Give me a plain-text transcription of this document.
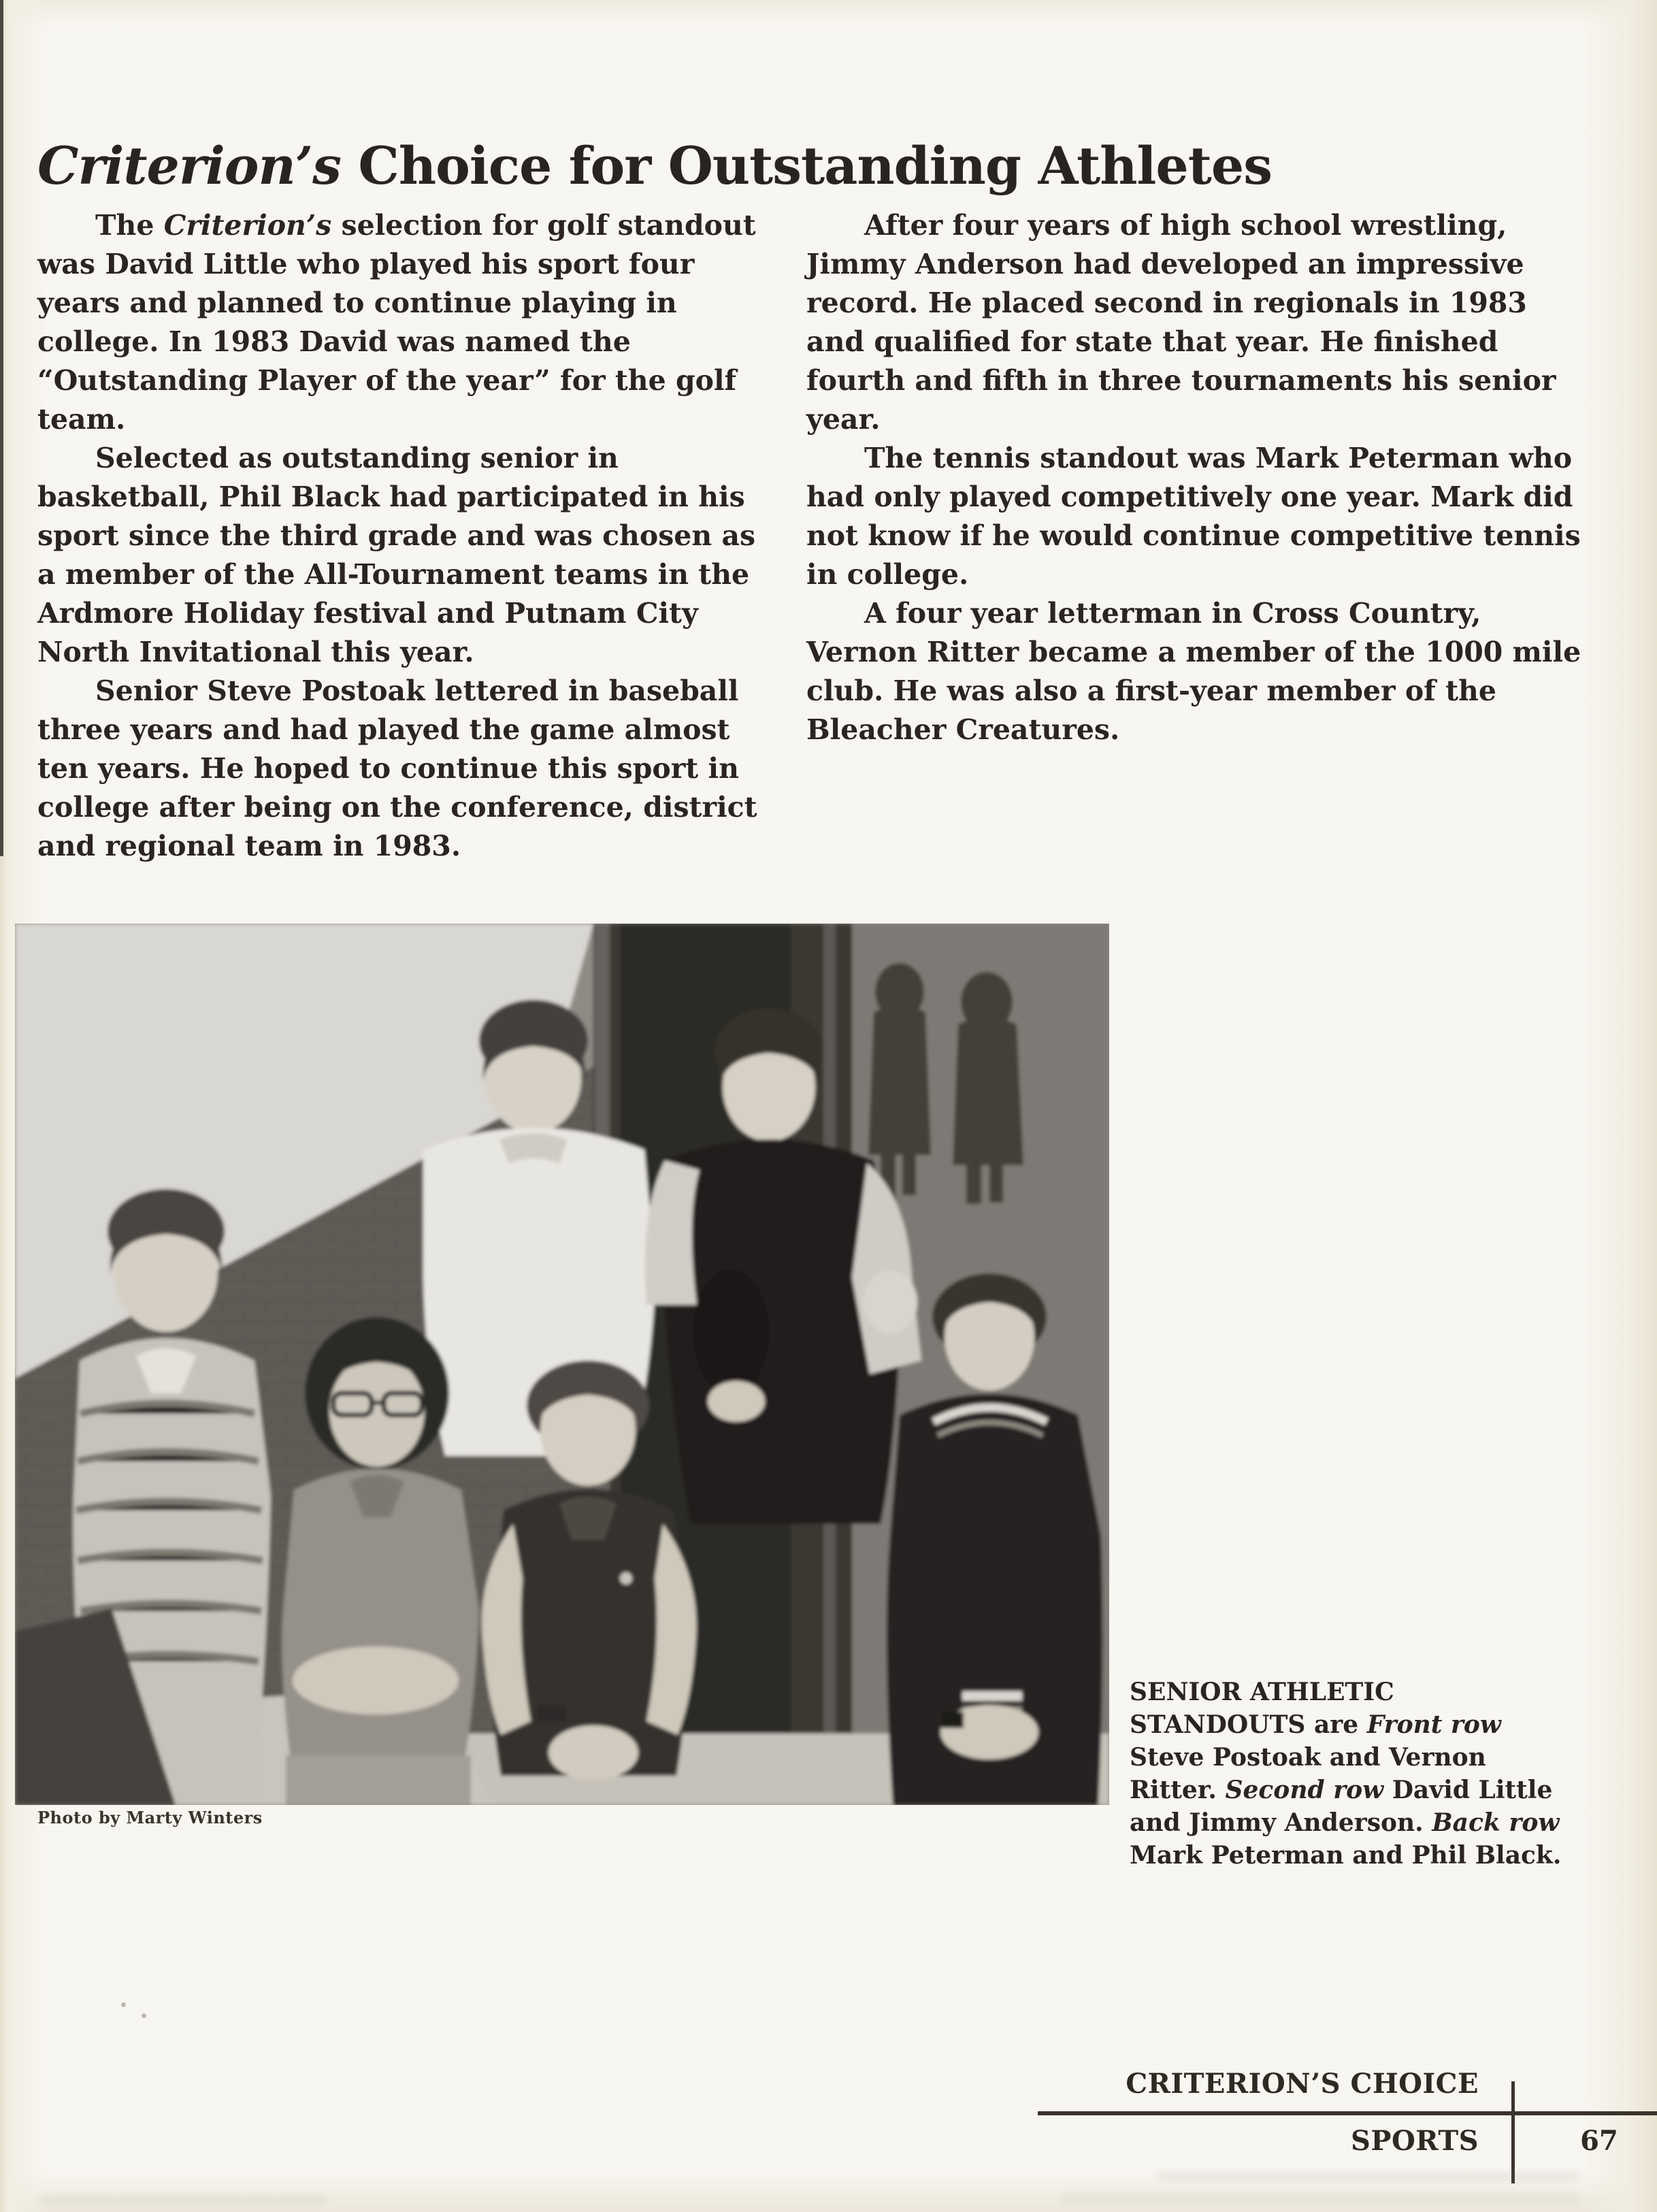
Criterion’s Choice for Outstanding Athletes

The Criterion’s selection for golf standout was David Little who played his sport four years and planned to continue playing in college. In 1983 David was named the “Outstanding Player of the year” for the golf team.

Selected as outstanding senior in basketball, Phil Black had participated in his sport since the third grade and was chosen as a member of the All-Tournament teams in the Ardmore Holiday festival and Putnam City North Invitational this year.

Senior Steve Postoak lettered in baseball three years and had played the game almost ten years. He hoped to continue this sport in college after being on the conference, district and regional team in 1983.

After four years of high school wrestling, Jimmy Anderson had developed an impressive record. He placed second in regionals in 1983 and qualified for state that year. He finished fourth and fifth in three tournaments his senior year.

The tennis standout was Mark Peterman who had only played competitively one year. Mark did not know if he would continue competitive tennis in college.

A four year letterman in Cross Country, Vernon Ritter became a member of the 1000 mile club. He was also a first-year member of the Bleacher Creatures.

Photo by Marty Winters
SENIOR ATHLETIC STANDOUTS are Front row Steve Postoak and Vernon Ritter. Second row David Little and Jimmy Anderson. Back row Mark Peterman and Phil Black.
CRITERION’S CHOICE
SPORTS	67
